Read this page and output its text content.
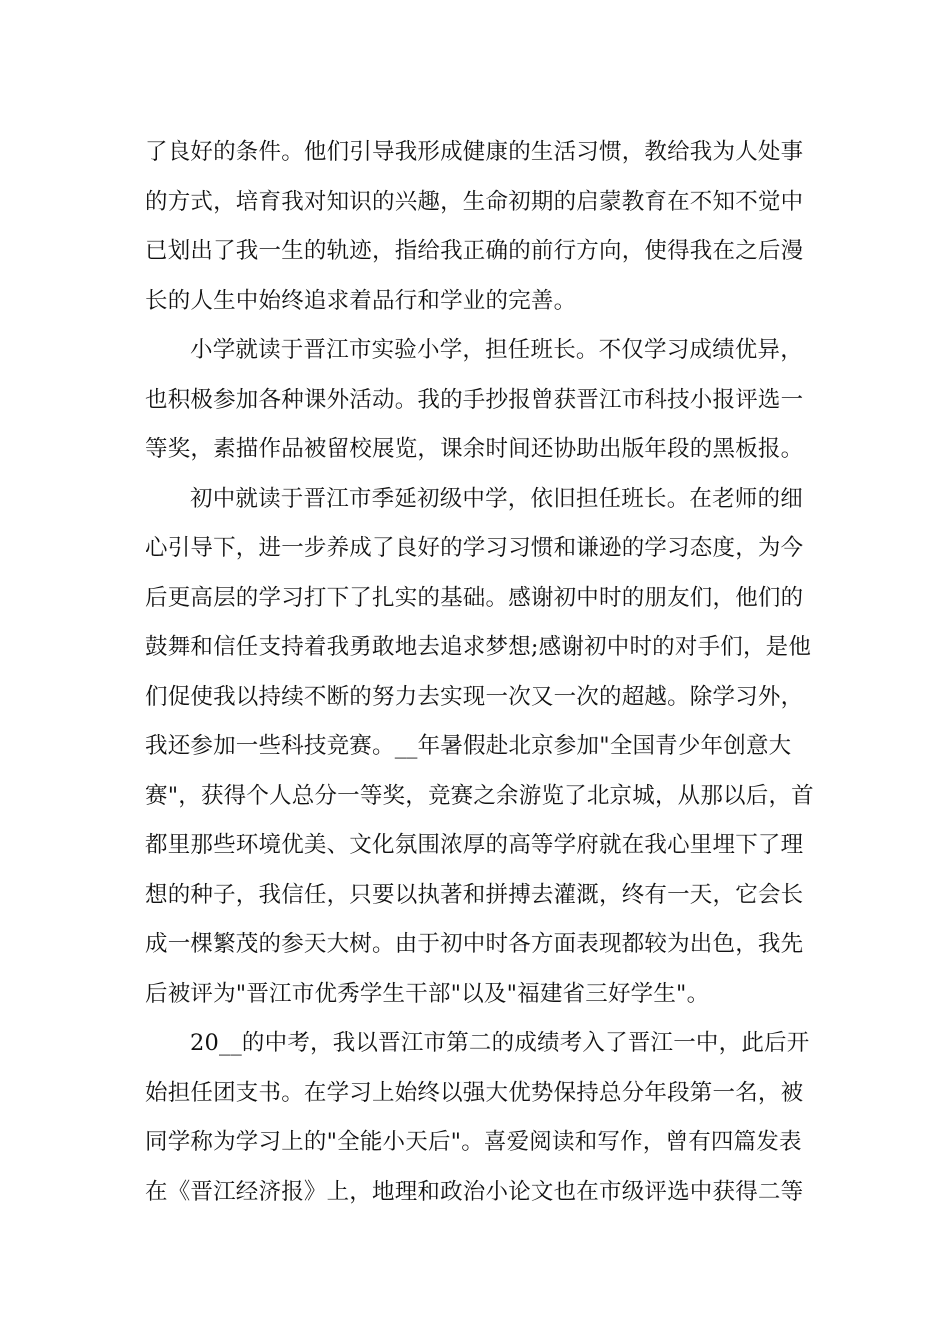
了良好的条件。他们引导我形成健康的生活习惯，教给我为人处事
的方式，培育我对知识的兴趣，生命初期的启蒙教育在不知不觉中
已划出了我一生的轨迹，指给我正确的前行方向，使得我在之后漫
长的人生中始终追求着品行和学业的完善。
小学就读于晋江市实验小学，担任班长。不仅学习成绩优异，
也积极参加各种课外活动。我的手抄报曾获晋江市科技小报评选一
等奖，素描作品被留校展览，课余时间还协助出版年段的黑板报。
初中就读于晋江市季延初级中学，依旧担任班长。在老师的细
心引导下，进一步养成了良好的学习习惯和谦逊的学习态度，为今
后更高层的学习打下了扎实的基础。感谢初中时的朋友们，他们的
鼓舞和信任支持着我勇敢地去追求梦想;感谢初中时的对手们，是他
们促使我以持续不断的努力去实现一次又一次的超越。除学习外，
我还参加一些科技竞赛。__年暑假赴北京参加"全国青少年创意大
赛"，获得个人总分一等奖，竞赛之余游览了北京城，从那以后，首
都里那些环境优美、文化氛围浓厚的高等学府就在我心里埋下了理
想的种子，我信任，只要以执著和拼搏去灌溉，终有一天，它会长
成一棵繁茂的参天大树。由于初中时各方面表现都较为出色，我先
后被评为"晋江市优秀学生干部"以及"福建省三好学生"。
20__的中考，我以晋江市第二的成绩考入了晋江一中，此后开
始担任团支书。在学习上始终以强大优势保持总分年段第一名，被
同学称为学习上的"全能小天后"。喜爱阅读和写作，曾有四篇发表
在《晋江经济报》上，地理和政治小论文也在市级评选中获得二等
